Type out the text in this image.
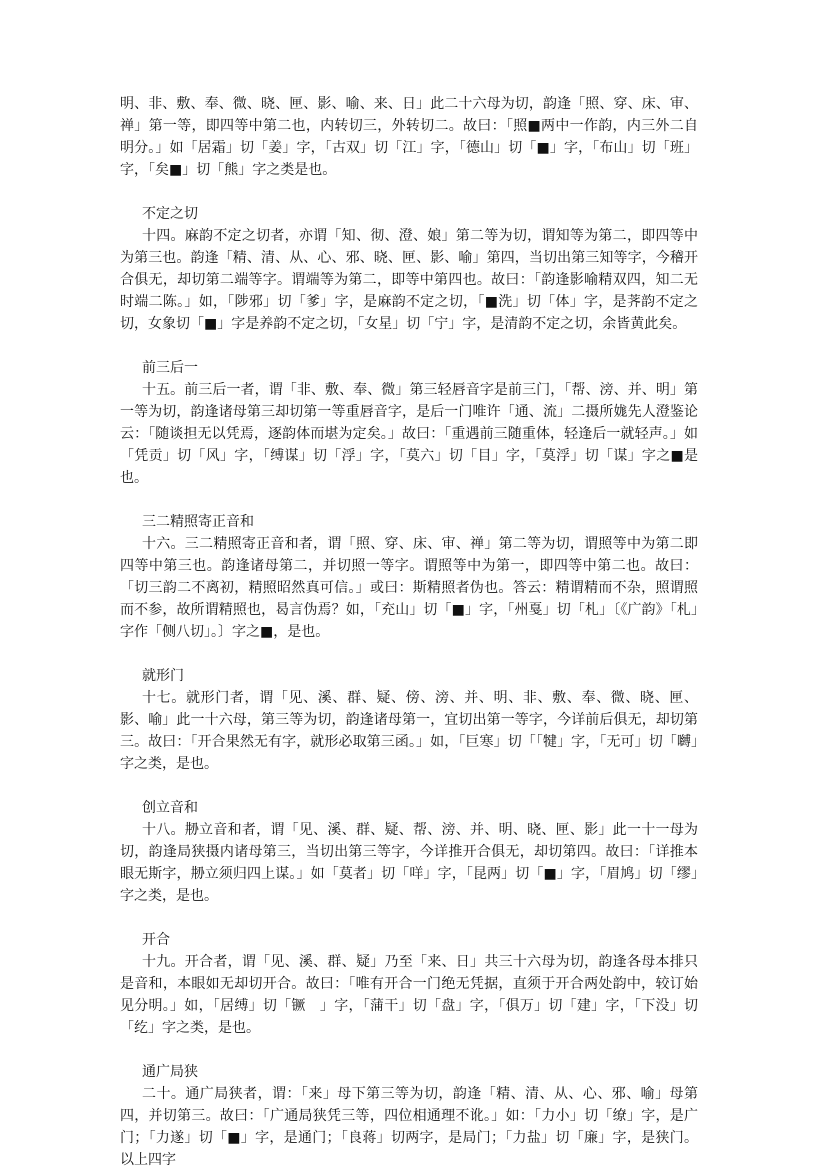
明、非、敷、奉、微、晓、匣、影、喻、来、日」此二十六母为切，韵逢「照、穿、床、审、禅」第一等，即四等中第二也，内转切三，外转切二。故曰：「照■两中一作韵，内三外二自明分。」如「居霜」切「姜」字，「古双」切「江」字，「德山」切「■」字，「布山」切「班」字，「矣■」切「熊」字之类是也。

不定之切

十四。麻韵不定之切者，亦谓「知、彻、澄、娘」第二等为切，谓知等为第二，即四等中为第三也。韵逢「精、清、从、心、邪、晓、匣、影、喻」第四，当切出第三知等字，今稽开合俱无，却切第二端等字。谓端等为第二，即等中第四也。故曰：「韵逢影喻精双四，知二无时端二陈。」如，「陟邪」切「爹」字，是麻韵不定之切，「■洗」切「体」字，是荠韵不定之切，女象切「■」字是养韵不定之切，「女星」切「宁」字，是清韵不定之切，余皆黄此矣。

前三后一

十五。前三后一者，谓「非、敷、奉、微」第三轻唇音字是前三门，「帮、滂、并、明」第一等为切，韵逢诸母第三却切第一等重唇音字，是后一门唯许「通、流」二摄所娏先人澄鉴论云：「随谈担无以凭焉，逐韵体而堪为定矣。」故曰：「重遇前三随重体，轻逢后一就轻声。」如「凭贡」切「风」字，「缚谋」切「浮」字，「莫六」切「目」字，「莫浮」切「谋」字之■是也。

三二精照寄正音和

十六。三二精照寄正音和者，谓「照、穿、床、审、禅」第二等为切，谓照等中为第二即四等中第三也。韵逢诸母第二，并切照一等字。谓照等中为第一，即四等中第二也。故曰：「切三韵二不离初，精照昭然真可信。」或曰：斯精照者伪也。答云：精谓精而不杂，照谓照而不参，故所谓精照也，曷言伪焉？如，「充山」切「■」字，「州戛」切「札」〔《广韵》「札」字作「侧八切」。〕字之■，是也。

就形门

十七。就形门者，谓「见、溪、群、疑、傍、滂、并、明、非、敷、奉、微、晓、匣、影、喻」此一十六母，第三等为切，韵逢诸母第一，宜切出第一等字，今详前后俱无，却切第三。故曰：「开合果然无有字，就形必取第三函。」如，「巨寒」切「「犍」字，「无可」切「嚩」字之类，是也。

创立音和

十八。刱立音和者，谓「见、溪、群、疑、帮、滂、并、明、晓、匣、影」此一十一母为切，韵逢局狭摄内诸母第三，当切出第三等字，今详推开合俱无，却切第四。故曰：「详推本眼无斯字，刱立须归四上谋。」如「莫者」切「咩」字，「昆两」切「■」字，「眉鸠」切「缪」字之类，是也。

开合

十九。开合者，谓「见、溪、群、疑」乃至「来、日」共三十六母为切，韵逢各母本排只是音和，本眼如无却切开合。故曰：「唯有开合一门绝无凭据，直须于开合两处韵中，较订始见分明。」如，「居缚」切「镢　」字，「蒲干」切「盘」字，「俱万」切「建」字，「下没」切「纥」字之类，是也。

通广局狭

二十。通广局狭者，谓：「来」母下第三等为切，韵逢「精、清、从、心、邪、喻」母第四，并切第三。故曰：「广通局狭凭三等，四位相通理不讹。」如：「力小」切「缭」字，是广门；「力遂」切「■」字，是通门；「良蒋」切两字，是局门；「力盐」切「廉」字，是狭门。以上四字
